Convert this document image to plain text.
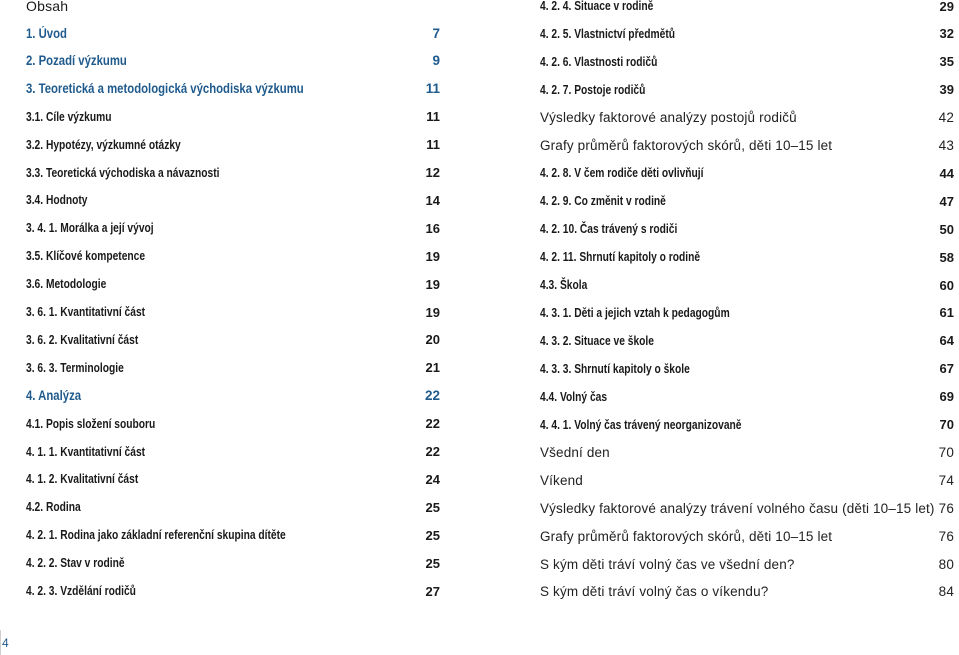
Obsah
1. Úvod	7
2. Pozadí výzkumu	9
3. Teoretická a metodologická východiska výzkumu	11
3.1. Cíle výzkumu	11
3.2. Hypotézy, výzkumné otázky	11
3.3. Teoretická východiska a návaznosti	12
3.4. Hodnoty	14
3. 4. 1. Morálka a její vývoj	16
3.5. Klíčové kompetence	19
3.6. Metodologie	19
3. 6. 1. Kvantitativní část	19
3. 6. 2. Kvalitativní část	20
3. 6. 3. Terminologie	21
4. Analýza	22
4.1. Popis složení souboru	22
4. 1. 1. Kvantitativní část	22
4. 1. 2. Kvalitativní část	24
4.2. Rodina	25
4. 2. 1. Rodina jako základní referenční skupina dítěte	25
4. 2. 2. Stav v rodině	25
4. 2. 3. Vzdělání rodičů	27
4. 2. 4. Situace v rodině	29
4. 2. 5. Vlastnictví předmětů	32
4. 2. 6. Vlastnosti rodičů	35
4. 2. 7. Postoje rodičů	39
Výsledky faktorové analýzy postojů rodičů	42
Grafy průměrů faktorových skórů, děti 10–15 let	43
4. 2. 8. V čem rodiče děti ovlivňují	44
4. 2. 9. Co změnit v rodině	47
4. 2. 10. Čas trávený s rodiči	50
4. 2. 11. Shrnutí kapitoly o rodině	58
4.3. Škola	60
4. 3. 1. Děti a jejich vztah k pedagogům	61
4. 3. 2. Situace ve škole	64
4. 3. 3. Shrnutí kapitoly o škole	67
4.4. Volný čas	69
4. 4. 1. Volný čas trávený neorganizovaně	70
Všední den	70
Víkend	74
Výsledky faktorové analýzy trávení volného času (děti 10–15 let) 76
Grafy průměrů faktorových skórů, děti 10–15 let	76
S kým děti tráví volný čas ve všední den?	80
S kým děti tráví volný čas o víkendu?	84
4
